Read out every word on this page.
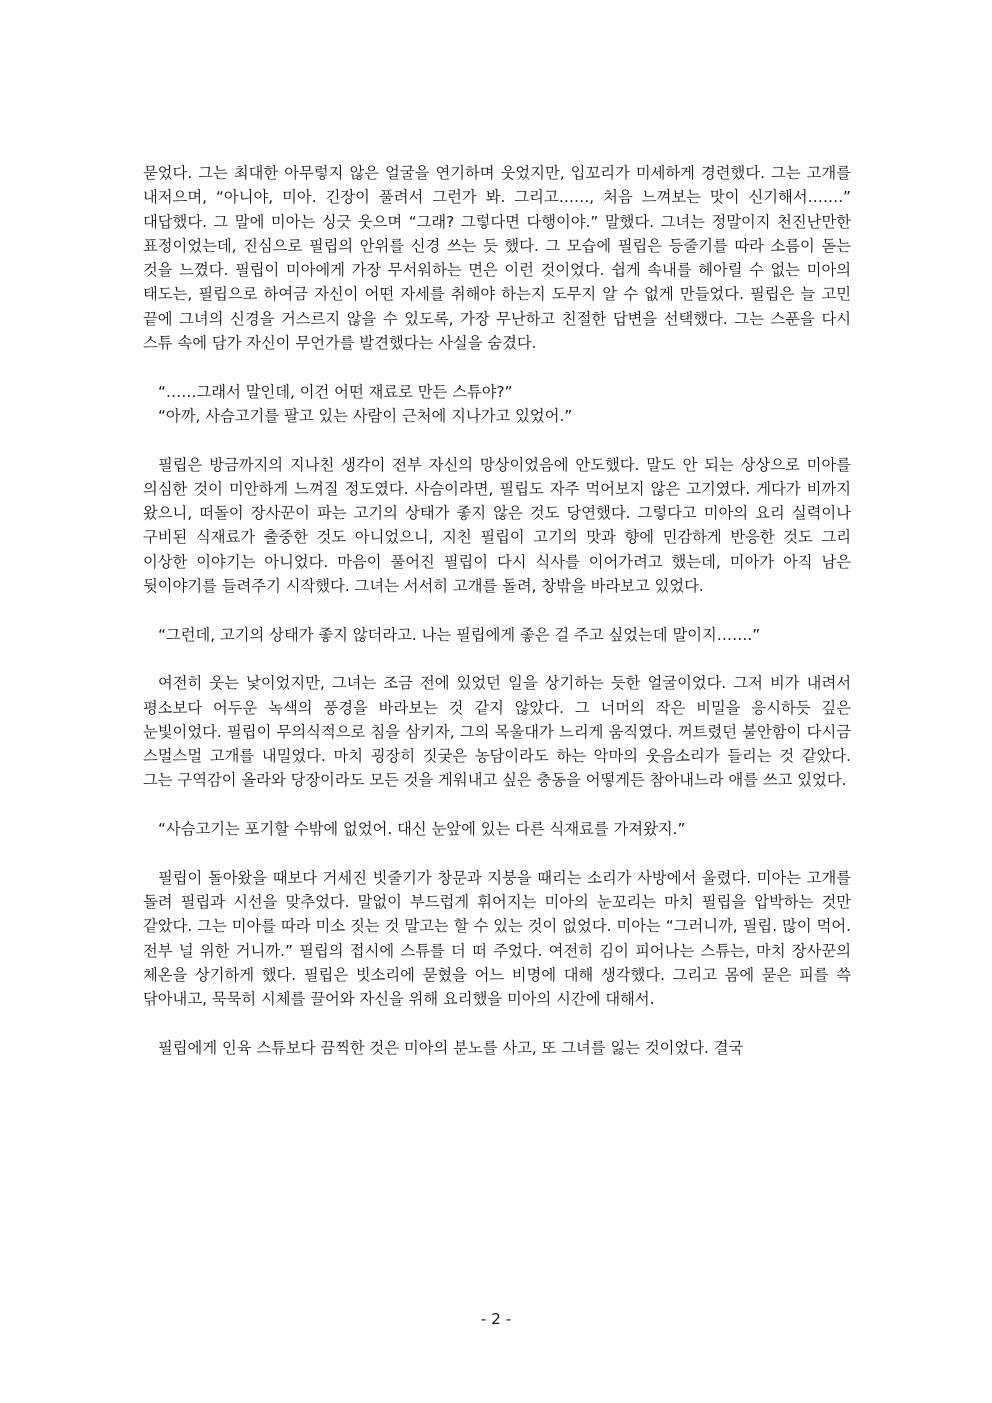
묻었다. 그는 최대한 아무렇지 않은 얼굴을 연기하며 웃었지만, 입꼬리가 미세하게 경련했다. 그는 고개를 내저으며, “아니야, 미아. 긴장이 풀려서 그런가 봐. 그리고……, 처음 느껴보는 맛이 신기해서…….” 대답했다. 그 말에 미아는 싱긋 웃으며 “그래? 그렇다면 다행이야.” 말했다. 그녀는 정말이지 천진난만한 표정이었는데, 진심으로 필립의 안위를 신경 쓰는 듯 했다. 그 모습에 필립은 등줄기를 따라 소름이 돋는 것을 느꼈다. 필립이 미아에게 가장 무서워하는 면은 이런 것이었다. 쉽게 속내를 헤아릴 수 없는 미아의 태도는, 필립으로 하여금 자신이 어떤 자세를 취해야 하는지 도무지 알 수 없게 만들었다. 필립은 늘 고민 끝에 그녀의 신경을 거스르지 않을 수 있도록, 가장 무난하고 친절한 답변을 선택했다. 그는 스푼을 다시 스튜 속에 담가 자신이 무언가를 발견했다는 사실을 숨겼다.

“……그래서 말인데, 이건 어떤 재료로 만든 스튜야?”

“아까, 사슴고기를 팔고 있는 사람이 근처에 지나가고 있었어.”

필립은 방금까지의 지나친 생각이 전부 자신의 망상이었음에 안도했다. 말도 안 되는 상상으로 미아를 의심한 것이 미안하게 느껴질 정도였다. 사슴이라면, 필립도 자주 먹어보지 않은 고기였다. 게다가 비까지 왔으니, 떠돌이 장사꾼이 파는 고기의 상태가 좋지 않은 것도 당연했다. 그렇다고 미아의 요리 실력이나 구비된 식재료가 출중한 것도 아니었으니, 지친 필립이 고기의 맛과 향에 민감하게 반응한 것도 그리 이상한 이야기는 아니었다. 마음이 풀어진 필립이 다시 식사를 이어가려고 했는데, 미아가 아직 남은 뒷이야기를 들려주기 시작했다. 그녀는 서서히 고개를 돌려, 창밖을 바라보고 있었다.

“그런데, 고기의 상태가 좋지 않더라고. 나는 필립에게 좋은 걸 주고 싶었는데 말이지…….”

여전히 웃는 낯이었지만, 그녀는 조금 전에 있었던 일을 상기하는 듯한 얼굴이었다. 그저 비가 내려서 평소보다 어두운 녹색의 풍경을 바라보는 것 같지 않았다. 그 너머의 작은 비밀을 응시하듯 깊은 눈빛이었다. 필립이 무의식적으로 침을 삼키자, 그의 목울대가 느리게 움직였다. 꺼트렸던 불안함이 다시금 스멀스멀 고개를 내밀었다. 마치 굉장히 짓궂은 농담이라도 하는 악마의 웃음소리가 들리는 것 같았다. 그는 구역감이 올라와 당장이라도 모든 것을 게워내고 싶은 충동을 어떻게든 참아내느라 애를 쓰고 있었다.

“사슴고기는 포기할 수밖에 없었어. 대신 눈앞에 있는 다른 식재료를 가져왔지.”

필립이 돌아왔을 때보다 거세진 빗줄기가 창문과 지붕을 때리는 소리가 사방에서 울렸다. 미아는 고개를 돌려 필립과 시선을 맞추었다. 말없이 부드럽게 휘어지는 미아의 눈꼬리는 마치 필립을 압박하는 것만 같았다. 그는 미아를 따라 미소 짓는 것 말고는 할 수 있는 것이 없었다. 미아는 “그러니까, 필립. 많이 먹어. 전부 널 위한 거니까.” 필립의 접시에 스튜를 더 떠 주었다. 여전히 김이 피어나는 스튜는, 마치 장사꾼의 체온을 상기하게 했다. 필립은 빗소리에 묻혔을 어느 비명에 대해 생각했다. 그리고 몸에 묻은 피를 쓱 닦아내고, 묵묵히 시체를 끌어와 자신을 위해 요리했을 미아의 시간에 대해서.

필립에게 인육 스튜보다 끔찍한 것은 미아의 분노를 사고, 또 그녀를 잃는 것이었다. 결국

- 2 -
